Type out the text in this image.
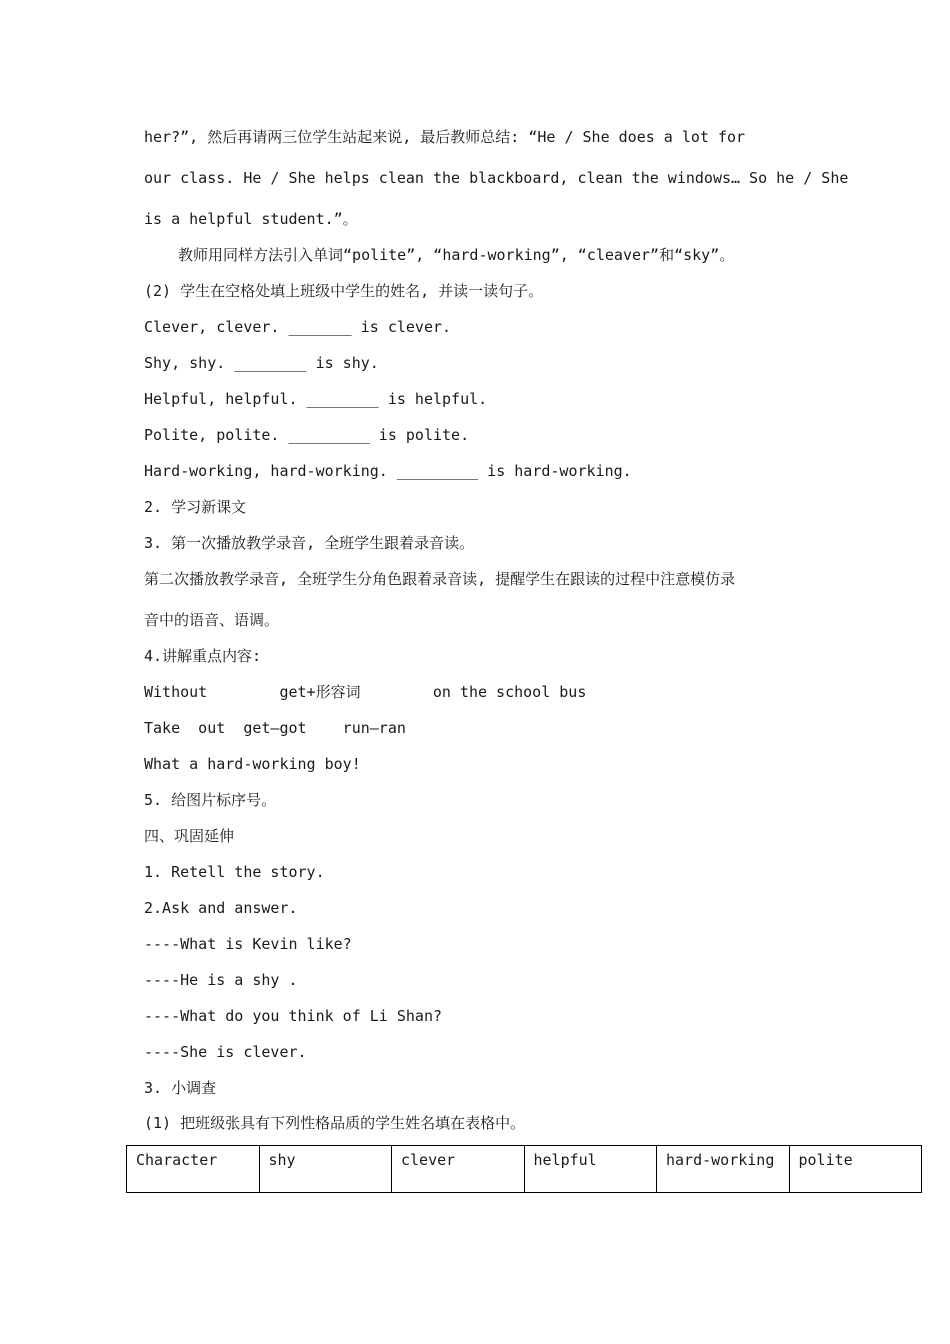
her?”, 然后再请两三位学生站起来说, 最后教师总结: “He / She does a lot for
our class. He / She helps clean the blackboard, clean the windows… So he / She
is a helpful student.”。
教师用同样方法引入单词“polite”, “hard-working”, “cleaver”和“sky”。
(2) 学生在空格处填上班级中学生的姓名, 并读一读句子。
Clever, clever. _______ is clever.
Shy, shy. ________ is shy.
Helpful, helpful. ________ is helpful.
Polite, polite. _________ is polite.
Hard-working, hard-working. _________ is hard-working.
2. 学习新课文
3. 第一次播放教学录音, 全班学生跟着录音读。
第二次播放教学录音, 全班学生分角色跟着录音读, 提醒学生在跟读的过程中注意模仿录
音中的语音、语调。
4.讲解重点内容:
Without        get+形容词        on the school bus
Take  out  get—got    run—ran
What a hard-working boy!
5. 给图片标序号。
四、巩固延伸
1. Retell the story.
2.Ask and answer.
----What is Kevin like?
----He is a shy .
----What do you think of Li Shan?
----She is clever.
3. 小调查
(1) 把班级张具有下列性格品质的学生姓名填在表格中。
Character	shy	clever	helpful	hard-working	polite
